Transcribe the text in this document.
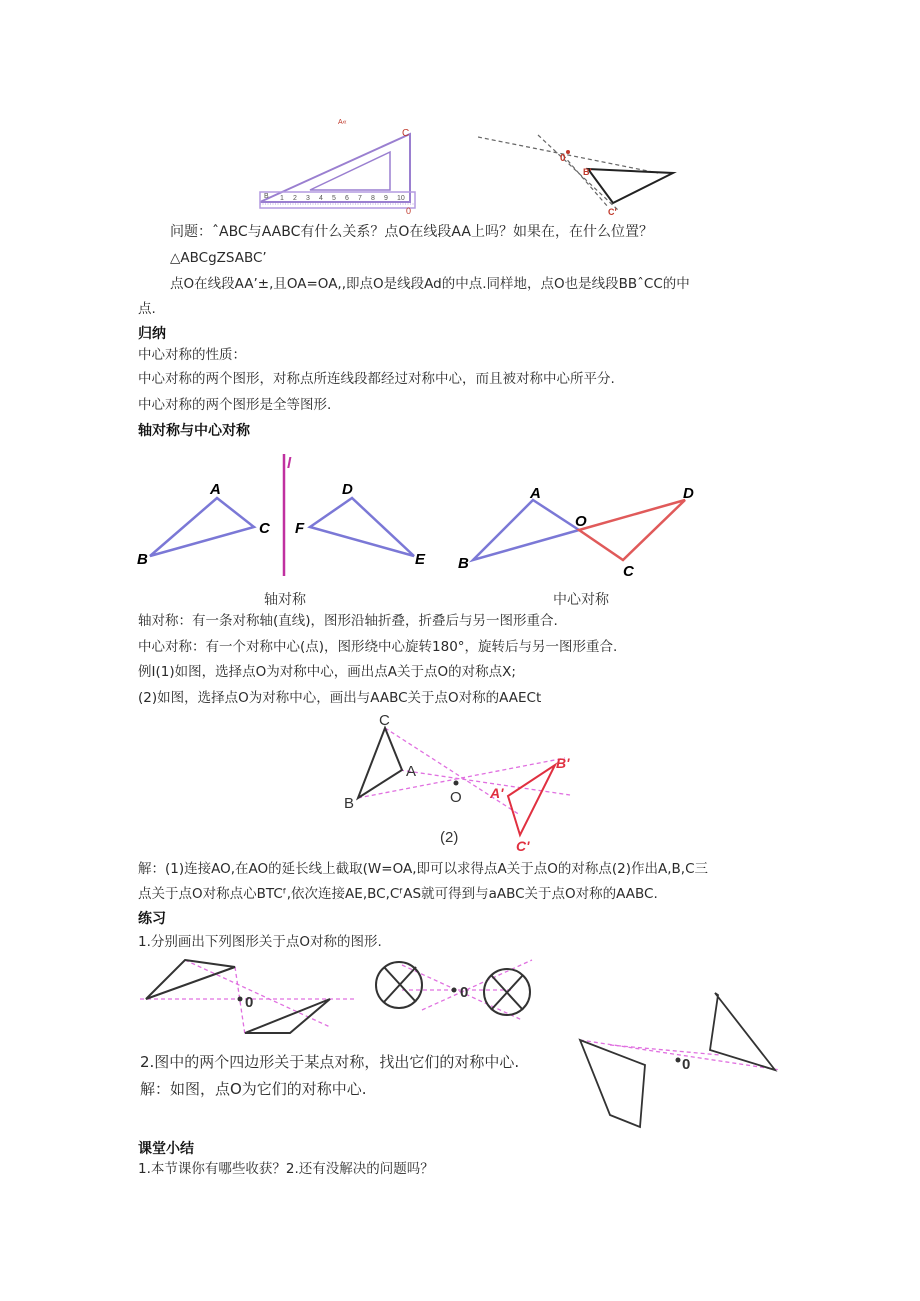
A«
C
B
0
1 2 3 4 5 6 7 8 9 10
0
B'
C'
问题：ˆABC与AABC有什么关系？点O在线段AA上吗？如果在，在什么位置？
△ABCgZSABC’
点O在线段AA’±,且OA=OA,,即点O是线段Ad的中点.同样地，点O也是线段BBˆCC的中
点.
归纳
中心对称的性质：
中心对称的两个图形，对称点所连线段都经过对称中心，而且被对称中心所平分.
中心对称的两个图形是全等图形.
轴对称与中心对称
l
A
C
B
D
F
E
轴对称
A
B
O
D
C
中心对称
轴对称：有一条对称轴(直线)，图形沿轴折叠，折叠后与另一图形重合.
中心对称：有一个对称中心(点)，图形绕中心旋转180°，旋转后与另一图形重合.
例I(1)如图，选择点O为对称中心，画出点A关于点O的对称点X;
(2)如图，选择点O为对称中心，画出与AABC关于点O对称的AAECt
C
A
B	O A'
B'
C'
(2)
解：(1)连接AO,在AO的延长线上截取(W=OA,即可以求得点A关于点O的对称点(2)作出A,B,C三
点关于点O对称点心BTCᶠ,依次连接AE,BC,CᶠAS就可得到与aABC关于点O对称的AABC.
练习
1.分别画出下列图形关于点O对称的图形.
0
0
2.图中的两个四边形关于某点对称，找出它们的对称中心.
解：如图，点O为它们的对称中心.
0
课堂小结
1.本节课你有哪些收获？2.还有没解决的问题吗？
